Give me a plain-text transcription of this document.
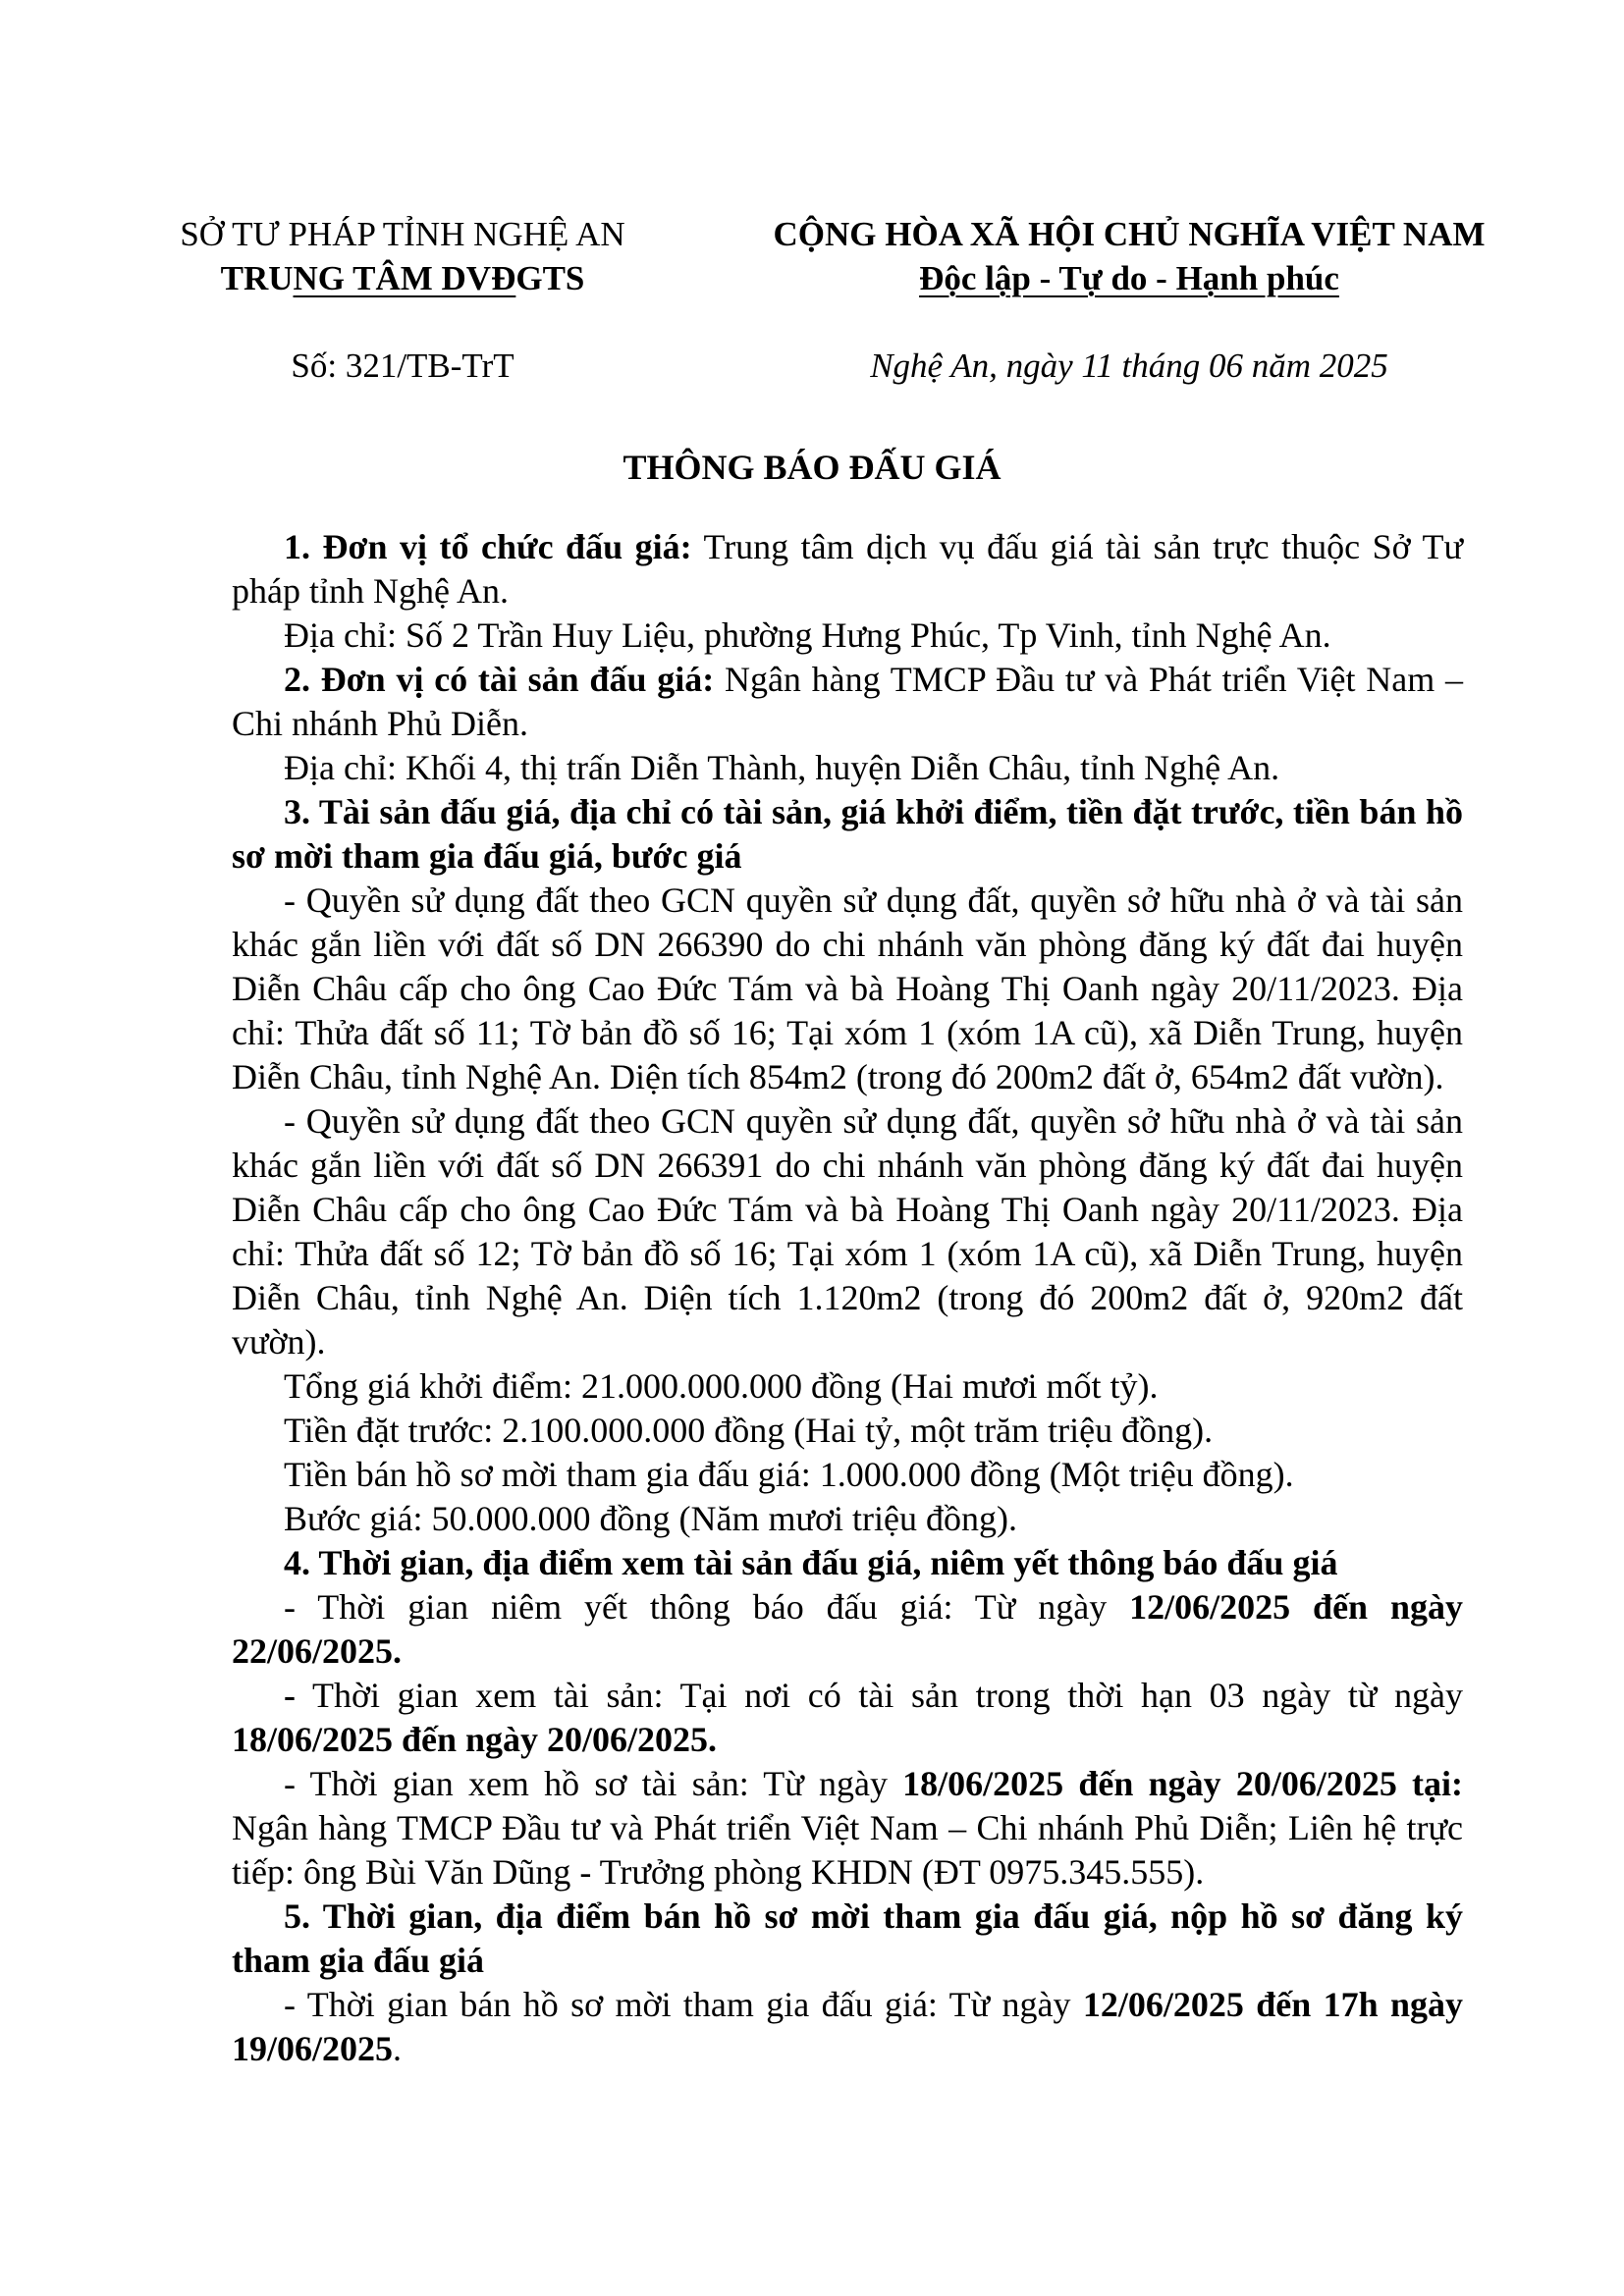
SỞ TƯ PHÁP TỈNH NGHỆ AN
TRUNG TÂM DVĐGTS
CỘNG HÒA XÃ HỘI CHỦ NGHĨA VIỆT NAM
Độc lập - Tự do - Hạnh phúc
Số: 321/TB-TrT	Nghệ An, ngày 11 tháng 06 năm 2025
THÔNG BÁO ĐẤU GIÁ

1. Đơn vị tổ chức đấu giá: Trung tâm dịch vụ đấu giá tài sản trực thuộc Sở Tư pháp tỉnh Nghệ An.

Địa chỉ: Số 2 Trần Huy Liệu, phường Hưng Phúc, Tp Vinh, tỉnh Nghệ An.

2. Đơn vị có tài sản đấu giá: Ngân hàng TMCP Đầu tư và Phát triển Việt Nam – Chi nhánh Phủ Diễn.

Địa chỉ: Khối 4, thị trấn Diễn Thành, huyện Diễn Châu, tỉnh Nghệ An.

3. Tài sản đấu giá, địa chỉ có tài sản, giá khởi điểm, tiền đặt trước, tiền bán hồ sơ mời tham gia đấu giá, bước giá

- Quyền sử dụng đất theo GCN quyền sử dụng đất, quyền sở hữu nhà ở và tài sản khác gắn liền với đất số DN 266390 do chi nhánh văn phòng đăng ký đất đai huyện Diễn Châu cấp cho ông Cao Đức Tám và bà Hoàng Thị Oanh ngày 20/11/2023. Địa chỉ: Thửa đất số 11; Tờ bản đồ số 16; Tại xóm 1 (xóm 1A cũ), xã Diễn Trung, huyện Diễn Châu, tỉnh Nghệ An. Diện tích 854m2 (trong đó 200m2 đất ở, 654m2 đất vườn).

- Quyền sử dụng đất theo GCN quyền sử dụng đất, quyền sở hữu nhà ở và tài sản khác gắn liền với đất số DN 266391 do chi nhánh văn phòng đăng ký đất đai huyện Diễn Châu cấp cho ông Cao Đức Tám và bà Hoàng Thị Oanh ngày 20/11/2023. Địa chỉ: Thửa đất số 12; Tờ bản đồ số 16; Tại xóm 1 (xóm 1A cũ), xã Diễn Trung, huyện Diễn Châu, tỉnh Nghệ An. Diện tích 1.120m2 (trong đó 200m2 đất ở, 920m2 đất vườn).

Tổng giá khởi điểm: 21.000.000.000 đồng (Hai mươi mốt tỷ).

Tiền đặt trước: 2.100.000.000 đồng (Hai tỷ, một trăm triệu đồng).

Tiền bán hồ sơ mời tham gia đấu giá: 1.000.000 đồng (Một triệu đồng).

Bước giá: 50.000.000 đồng (Năm mươi triệu đồng).

4. Thời gian, địa điểm xem tài sản đấu giá, niêm yết thông báo đấu giá

- Thời gian niêm yết thông báo đấu giá: Từ ngày 12/06/2025 đến ngày 22/06/2025.

- Thời gian xem tài sản: Tại nơi có tài sản trong thời hạn 03 ngày từ ngày 18/06/2025 đến ngày 20/06/2025.

- Thời gian xem hồ sơ tài sản: Từ ngày 18/06/2025 đến ngày 20/06/2025 tại: Ngân hàng TMCP Đầu tư và Phát triển Việt Nam – Chi nhánh Phủ Diễn; Liên hệ trực tiếp: ông Bùi Văn Dũng - Trưởng phòng KHDN (ĐT 0975.345.555).

5. Thời gian, địa điểm bán hồ sơ mời tham gia đấu giá, nộp hồ sơ đăng ký tham gia đấu giá

- Thời gian bán hồ sơ mời tham gia đấu giá: Từ ngày 12/06/2025 đến 17h ngày 19/06/2025.
